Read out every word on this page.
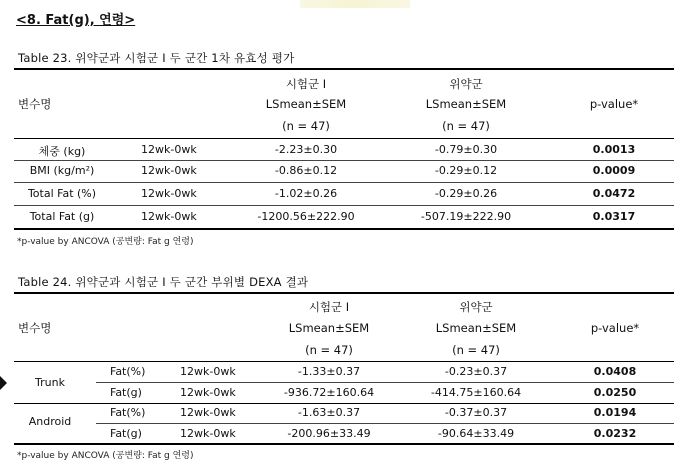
<8. Fat(g), 연령>
Table 23. 위약군과 시험군 I 두 군간 1차 유효성 평가
변수명
시험군 I
LSmean±SEM
(n = 47)
위약군
LSmean±SEM
(n = 47)
p-value*
체중 (kg)	12wk-0wk	-2.23±0.30	-0.79±0.30	0.0013
BMI (kg/m²)	12wk-0wk	-0.86±0.12	-0.29±0.12	0.0009
Total Fat (%)	12wk-0wk	-1.02±0.26	-0.29±0.26	0.0472
Total Fat (g)	12wk-0wk	-1200.56±222.90	-507.19±222.90	0.0317
*p-value by ANCOVA (공변량: Fat g 연령)
Table 24. 위약군과 시험군 I 두 군간 부위별 DEXA 결과
변수명
시험군 I
LSmean±SEM
(n = 47)
위약군
LSmean±SEM
(n = 47)
p-value*
Trunk
Fat(%)	12wk-0wk	-1.33±0.37	-0.23±0.37	0.0408
Fat(g)	12wk-0wk	-936.72±160.64	-414.75±160.64	0.0250
Android
Fat(%)	12wk-0wk	-1.63±0.37	-0.37±0.37	0.0194
Fat(g)	12wk-0wk	-200.96±33.49	-90.64±33.49	0.0232
*p-value by ANCOVA (공변량: Fat g 연령)
